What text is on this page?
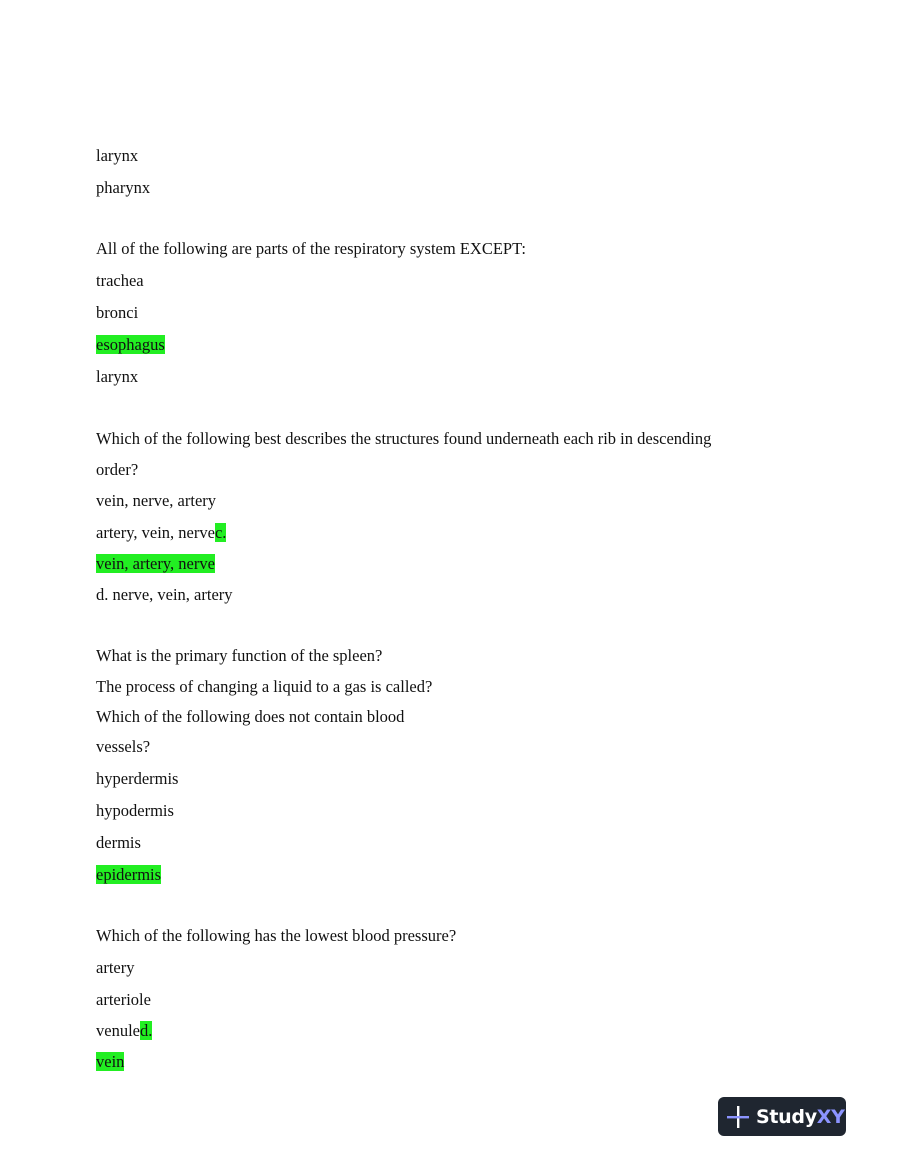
larynx
pharynx
All of the following are parts of the respiratory system EXCEPT:
trachea
bronci
esophagus
larynx
Which of the following best describes the structures found underneath each rib in descending
order?
vein, nerve, artery
artery, vein, nervec.
vein, artery, nerve
d. nerve, vein, artery
What is the primary function of the spleen?
The process of changing a liquid to a gas is called?
Which of the following does not contain blood
vessels?
hyperdermis
hypodermis
dermis
epidermis
Which of the following has the lowest blood pressure?
artery
arteriole
venuled.
vein
StudyXY
